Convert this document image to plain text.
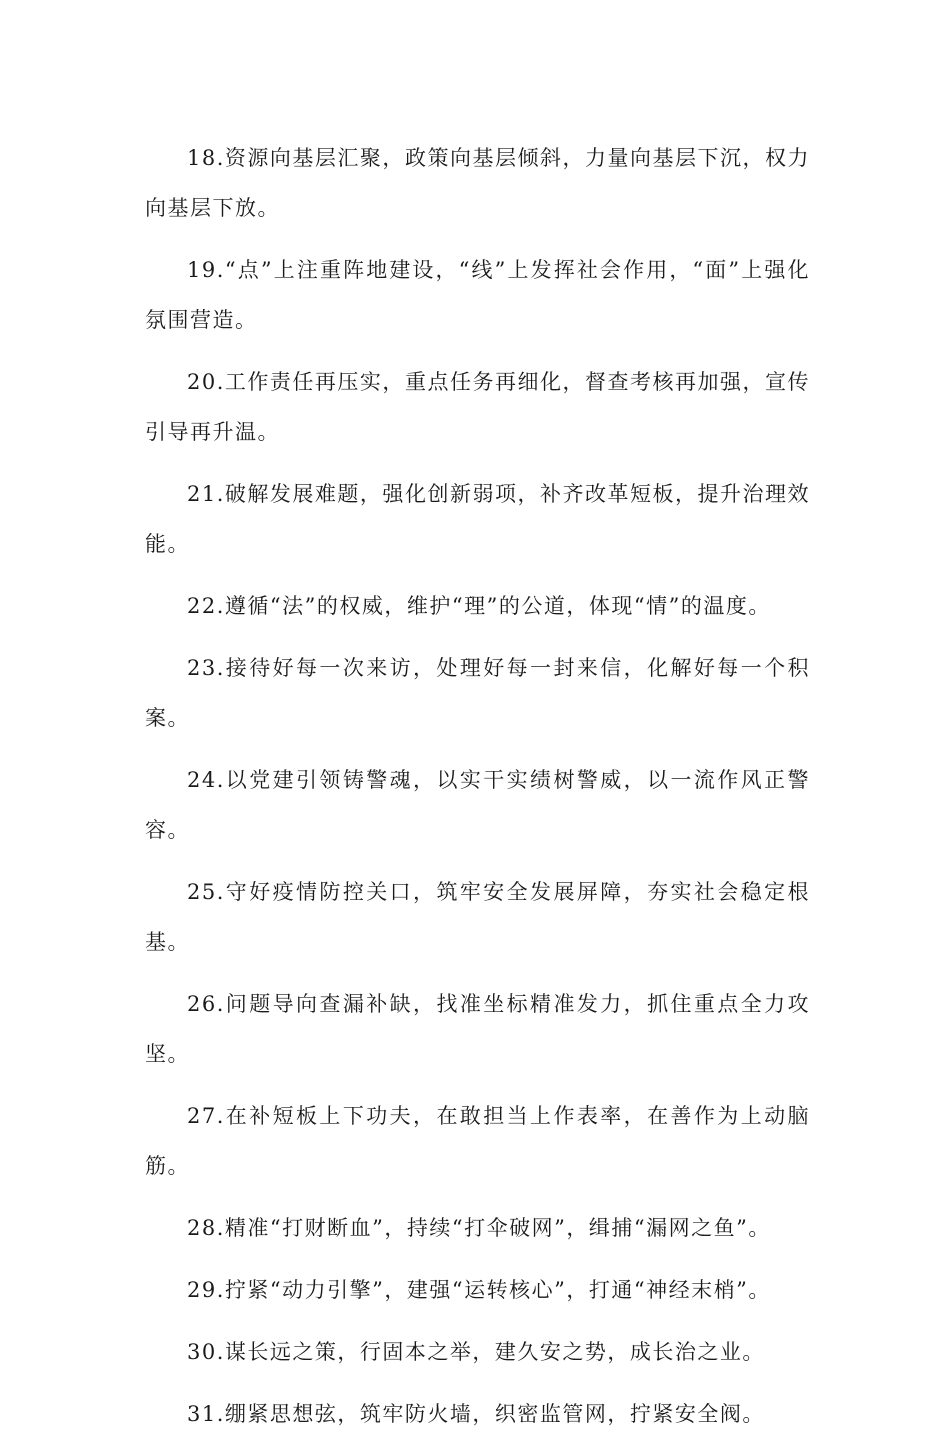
18.资源向基层汇聚，政策向基层倾斜，力量向基层下沉，权力向基层下放。

19.“点”上注重阵地建设，“线”上发挥社会作用，“面”上强化氛围营造。

20.工作责任再压实，重点任务再细化，督查考核再加强，宣传引导再升温。

21.破解发展难题，强化创新弱项，补齐改革短板，提升治理效能。

22.遵循“法”的权威，维护“理”的公道，体现“情”的温度。

23.接待好每一次来访，处理好每一封来信，化解好每一个积案。

24.以党建引领铸警魂，以实干实绩树警威，以一流作风正警容。

25.守好疫情防控关口，筑牢安全发展屏障，夯实社会稳定根基。

26.问题导向查漏补缺，找准坐标精准发力，抓住重点全力攻坚。

27.在补短板上下功夫，在敢担当上作表率，在善作为上动脑筋。

28.精准“打财断血”，持续“打伞破网”，缉捕“漏网之鱼”。

29.拧紧“动力引擎”，建强“运转核心”，打通“神经末梢”。

30.谋长远之策，行固本之举，建久安之势，成长治之业。

31.绷紧思想弦，筑牢防火墙，织密监管网，拧紧安全阀。
